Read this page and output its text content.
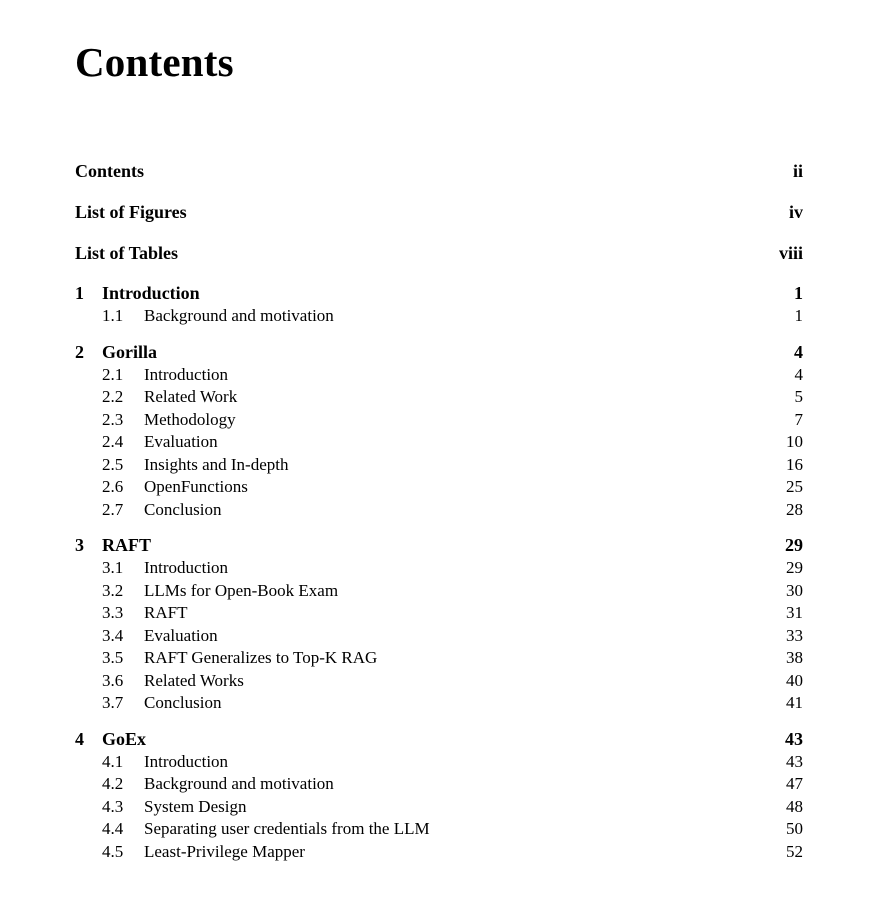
Contents
Contents	ii
List of Figures	iv
List of Tables	viii
1	Introduction	1
1.1	Background and motivation	1
2	Gorilla	4
2.1	Introduction	4
2.2	Related Work	5
2.3	Methodology	7
2.4	Evaluation	10
2.5	Insights and In-depth	16
2.6	OpenFunctions	25
2.7	Conclusion	28
3	RAFT	29
3.1	Introduction	29
3.2	LLMs for Open-Book Exam	30
3.3	RAFT	31
3.4	Evaluation	33
3.5	RAFT Generalizes to Top-K RAG	38
3.6	Related Works	40
3.7	Conclusion	41
4	GoEx	43
4.1	Introduction	43
4.2	Background and motivation	47
4.3	System Design	48
4.4	Separating user credentials from the LLM	50
4.5	Least-Privilege Mapper	52
